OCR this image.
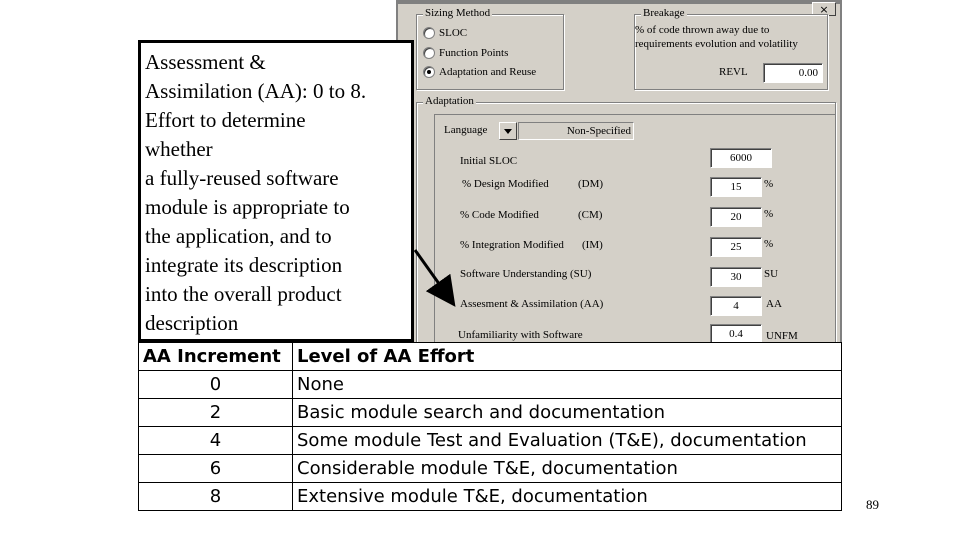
×
Sizing Method
SLOC
Function Points
Adaptation and Reuse
Breakage
% of code thrown away due to requirements evolution and volatility
REVL	0.00
Adaptation
Language	Non-Specified
Initial SLOC	6000
% Design Modified	(DM)	15	%
% Code Modified	(CM)	20	%
% Integration Modified (IM)	25	%
Software Understanding (SU)	30	SU
Assesment & Assimilation (AA)	4	AA
Unfamiliarity with Software	0.4	UNFM
Assessment &
Assimilation (AA): 0 to 8.
Effort to determine
whether
a fully-reused software
module is appropriate to
the application, and to
integrate its description
into the overall product
description
AA Increment	Level of AA Effort
0	None
2	Basic module search and documentation
4	Some module Test and Evaluation (T&E), documentation
6	Considerable module T&E, documentation
8	Extensive module T&E, documentation	89
